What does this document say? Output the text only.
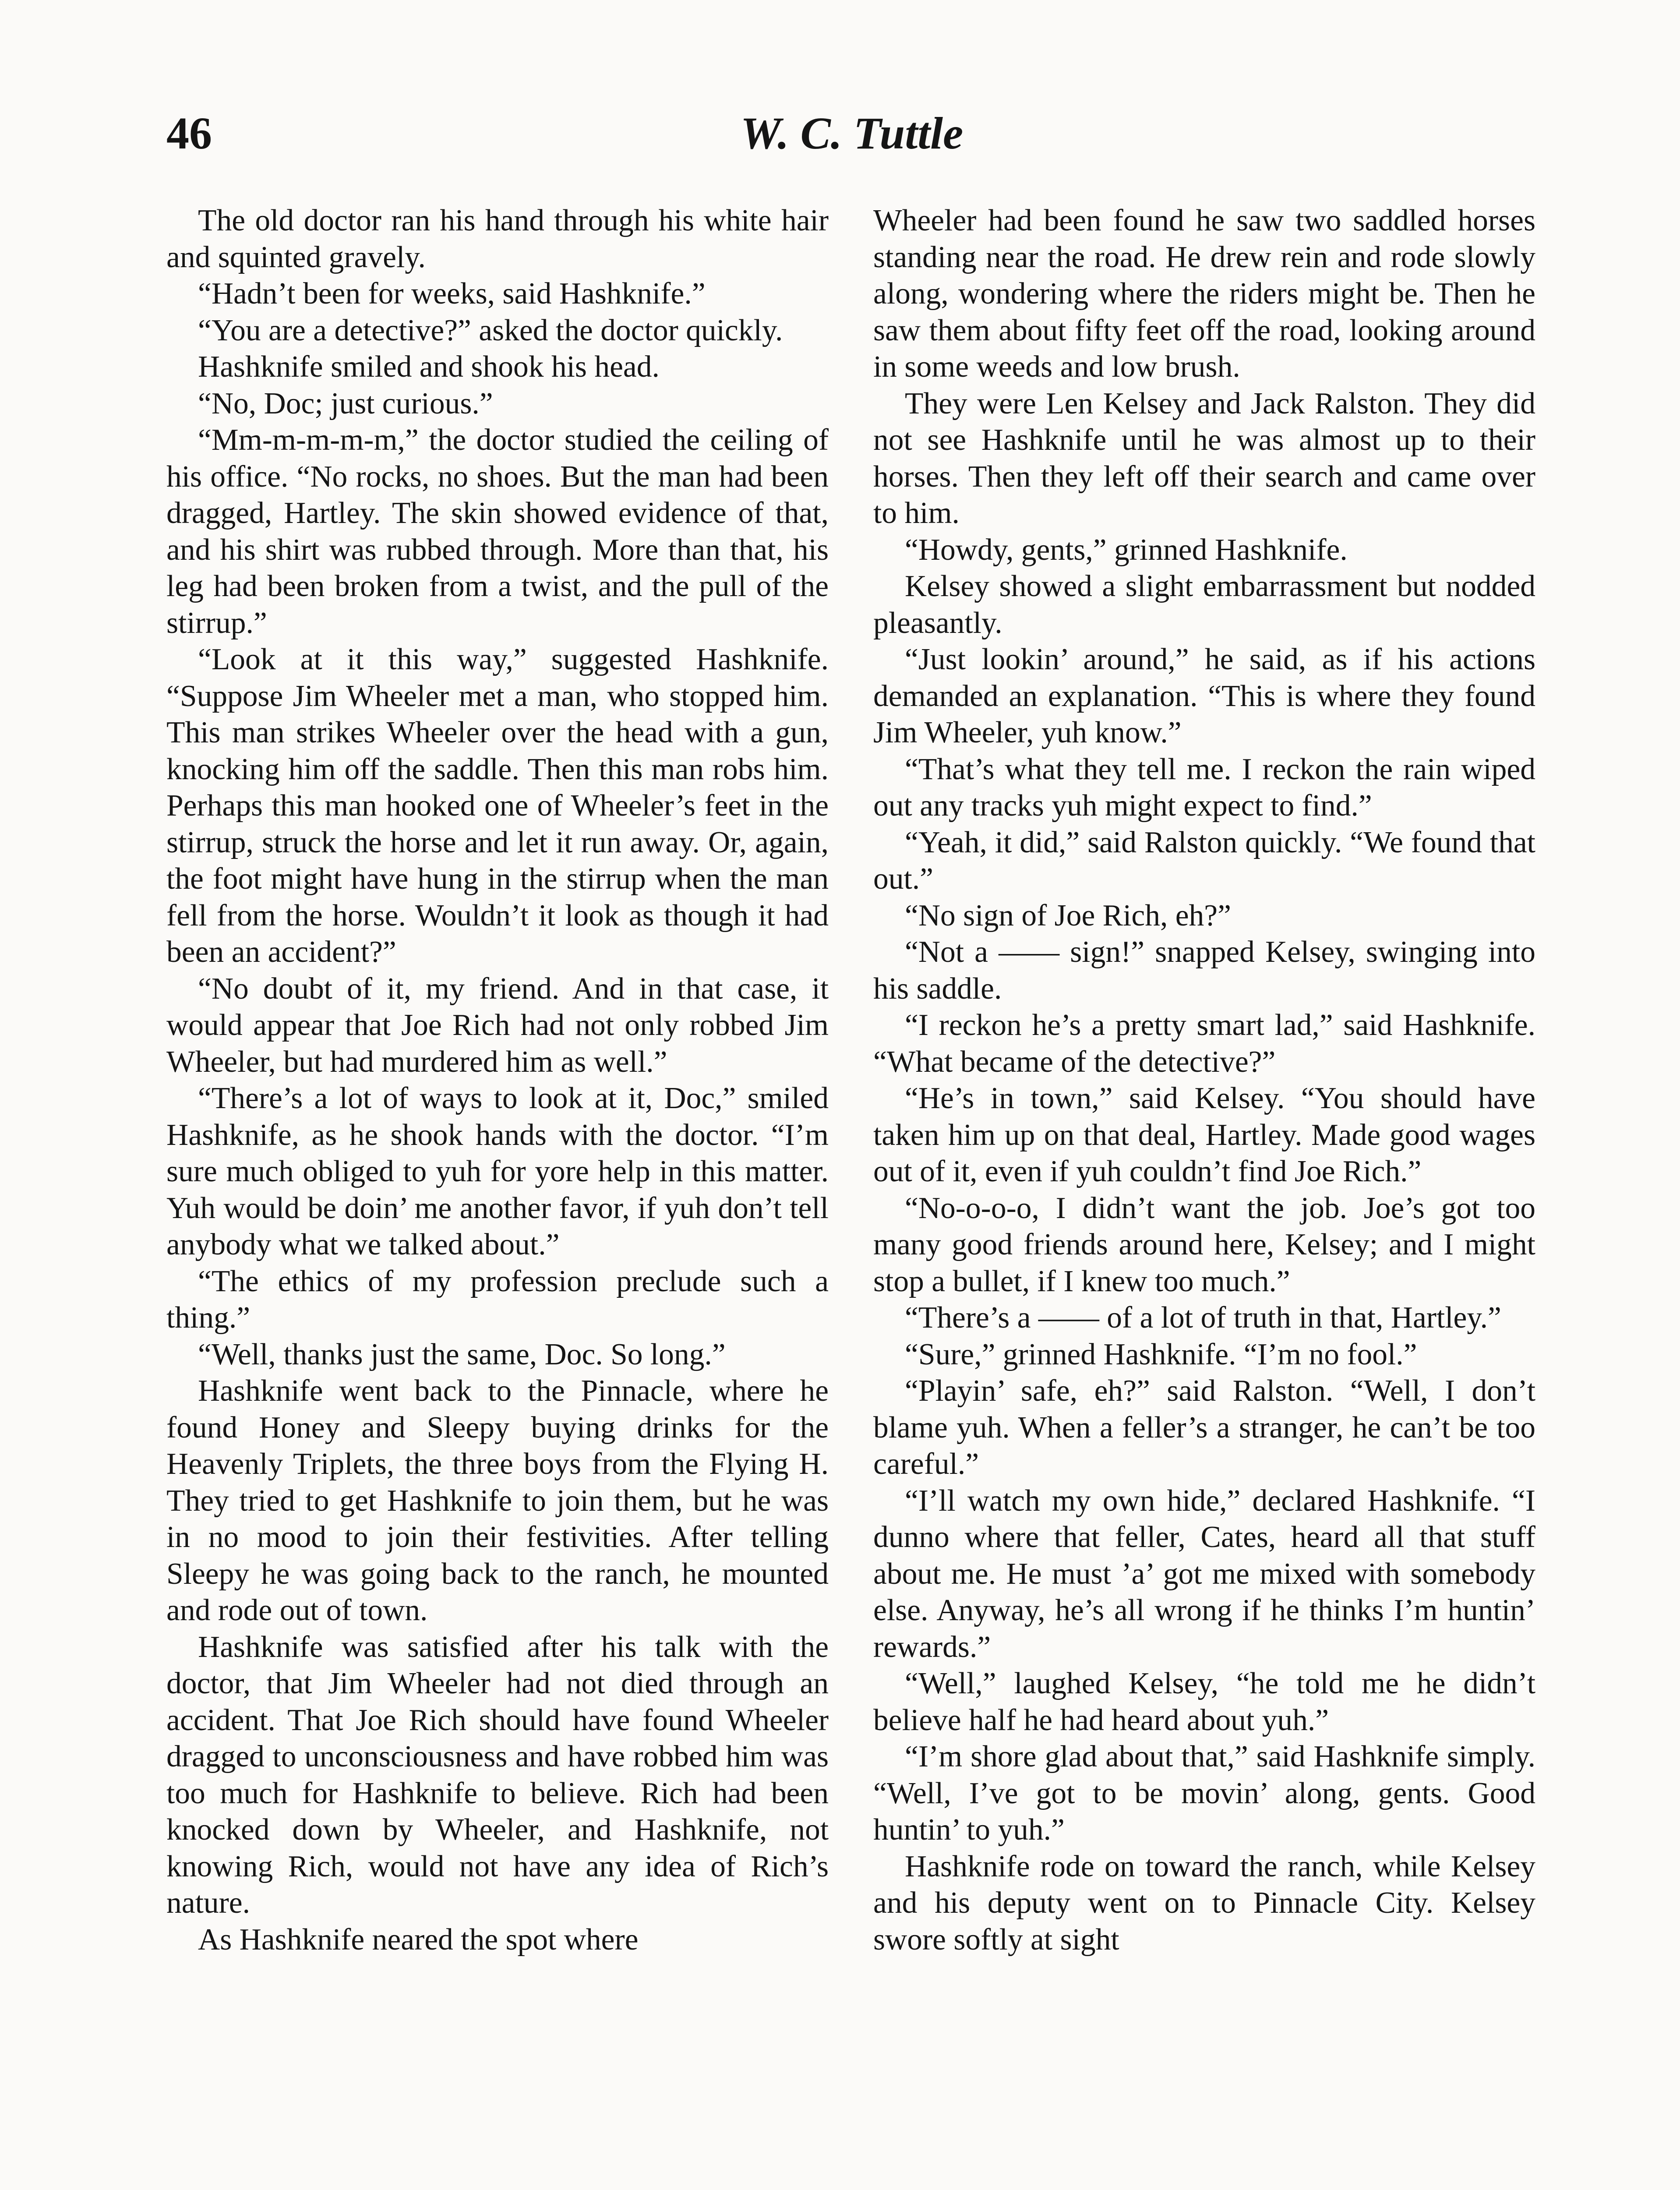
46	W. C. Tuttle

The old doctor ran his hand through his white hair and squinted gravely.

“Hadn’t been for weeks, said Hashknife.”

“You are a detective?” asked the doctor quickly.

Hashknife smiled and shook his head.

“No, Doc; just curious.”

“Mm-m-m-m-m,” the doctor studied the ceiling of his office. “No rocks, no shoes. But the man had been dragged, Hartley. The skin showed evidence of that, and his shirt was rubbed through. More than that, his leg had been broken from a twist, and the pull of the stirrup.”

“Look at it this way,” suggested Hashknife. “Suppose Jim Wheeler met a man, who stopped him. This man strikes Wheeler over the head with a gun, knocking him off the saddle. Then this man robs him. Perhaps this man hooked one of Wheeler’s feet in the stirrup, struck the horse and let it run away. Or, again, the foot might have hung in the stirrup when the man fell from the horse. Wouldn’t it look as though it had been an accident?”

“No doubt of it, my friend. And in that case, it would appear that Joe Rich had not only robbed Jim Wheeler, but had murdered him as well.”

“There’s a lot of ways to look at it, Doc,” smiled Hashknife, as he shook hands with the doctor. “I’m sure much obliged to yuh for yore help in this matter. Yuh would be doin’ me another favor, if yuh don’t tell anybody what we talked about.”

“The ethics of my profession preclude such a thing.”

“Well, thanks just the same, Doc. So long.”

Hashknife went back to the Pinnacle, where he found Honey and Sleepy buying drinks for the Heavenly Triplets, the three boys from the Flying H. They tried to get Hashknife to join them, but he was in no mood to join their festivities. After telling Sleepy he was going back to the ranch, he mounted and rode out of town.

Hashknife was satisfied after his talk with the doctor, that Jim Wheeler had not died through an accident. That Joe Rich should have found Wheeler dragged to unconsciousness and have robbed him was too much for Hashknife to believe. Rich had been knocked down by Wheeler, and Hashknife, not knowing Rich, would not have any idea of Rich’s nature.

As Hashknife neared the spot where

Wheeler had been found he saw two saddled horses standing near the road. He drew rein and rode slowly along, wondering where the riders might be. Then he saw them about fifty feet off the road, looking around in some weeds and low brush.

They were Len Kelsey and Jack Ralston. They did not see Hashknife until he was almost up to their horses. Then they left off their search and came over to him.

“Howdy, gents,” grinned Hashknife.

Kelsey showed a slight embarrassment but nodded pleasantly.

“Just lookin’ around,” he said, as if his actions demanded an explanation. “This is where they found Jim Wheeler, yuh know.”

“That’s what they tell me. I reckon the rain wiped out any tracks yuh might expect to find.”

“Yeah, it did,” said Ralston quickly. “We found that out.”

“No sign of Joe Rich, eh?”

“Not a —— sign!” snapped Kelsey, swinging into his saddle.

“I reckon he’s a pretty smart lad,” said Hashknife. “What became of the detective?”

“He’s in town,” said Kelsey. “You should have taken him up on that deal, Hartley. Made good wages out of it, even if yuh couldn’t find Joe Rich.”

“No-o-o-o, I didn’t want the job. Joe’s got too many good friends around here, Kelsey; and I might stop a bullet, if I knew too much.”

“There’s a —— of a lot of truth in that, Hartley.”

“Sure,” grinned Hashknife. “I’m no fool.”

“Playin’ safe, eh?” said Ralston. “Well, I don’t blame yuh. When a feller’s a stranger, he can’t be too careful.”

“I’ll watch my own hide,” declared Hashknife. “I dunno where that feller, Cates, heard all that stuff about me. He must ’a’ got me mixed with somebody else. Anyway, he’s all wrong if he thinks I’m huntin’ rewards.”

“Well,” laughed Kelsey, “he told me he didn’t believe half he had heard about yuh.”

“I’m shore glad about that,” said Hashknife simply. “Well, I’ve got to be movin’ along, gents. Good huntin’ to yuh.”

Hashknife rode on toward the ranch, while Kelsey and his deputy went on to Pinnacle City. Kelsey swore softly at sight
